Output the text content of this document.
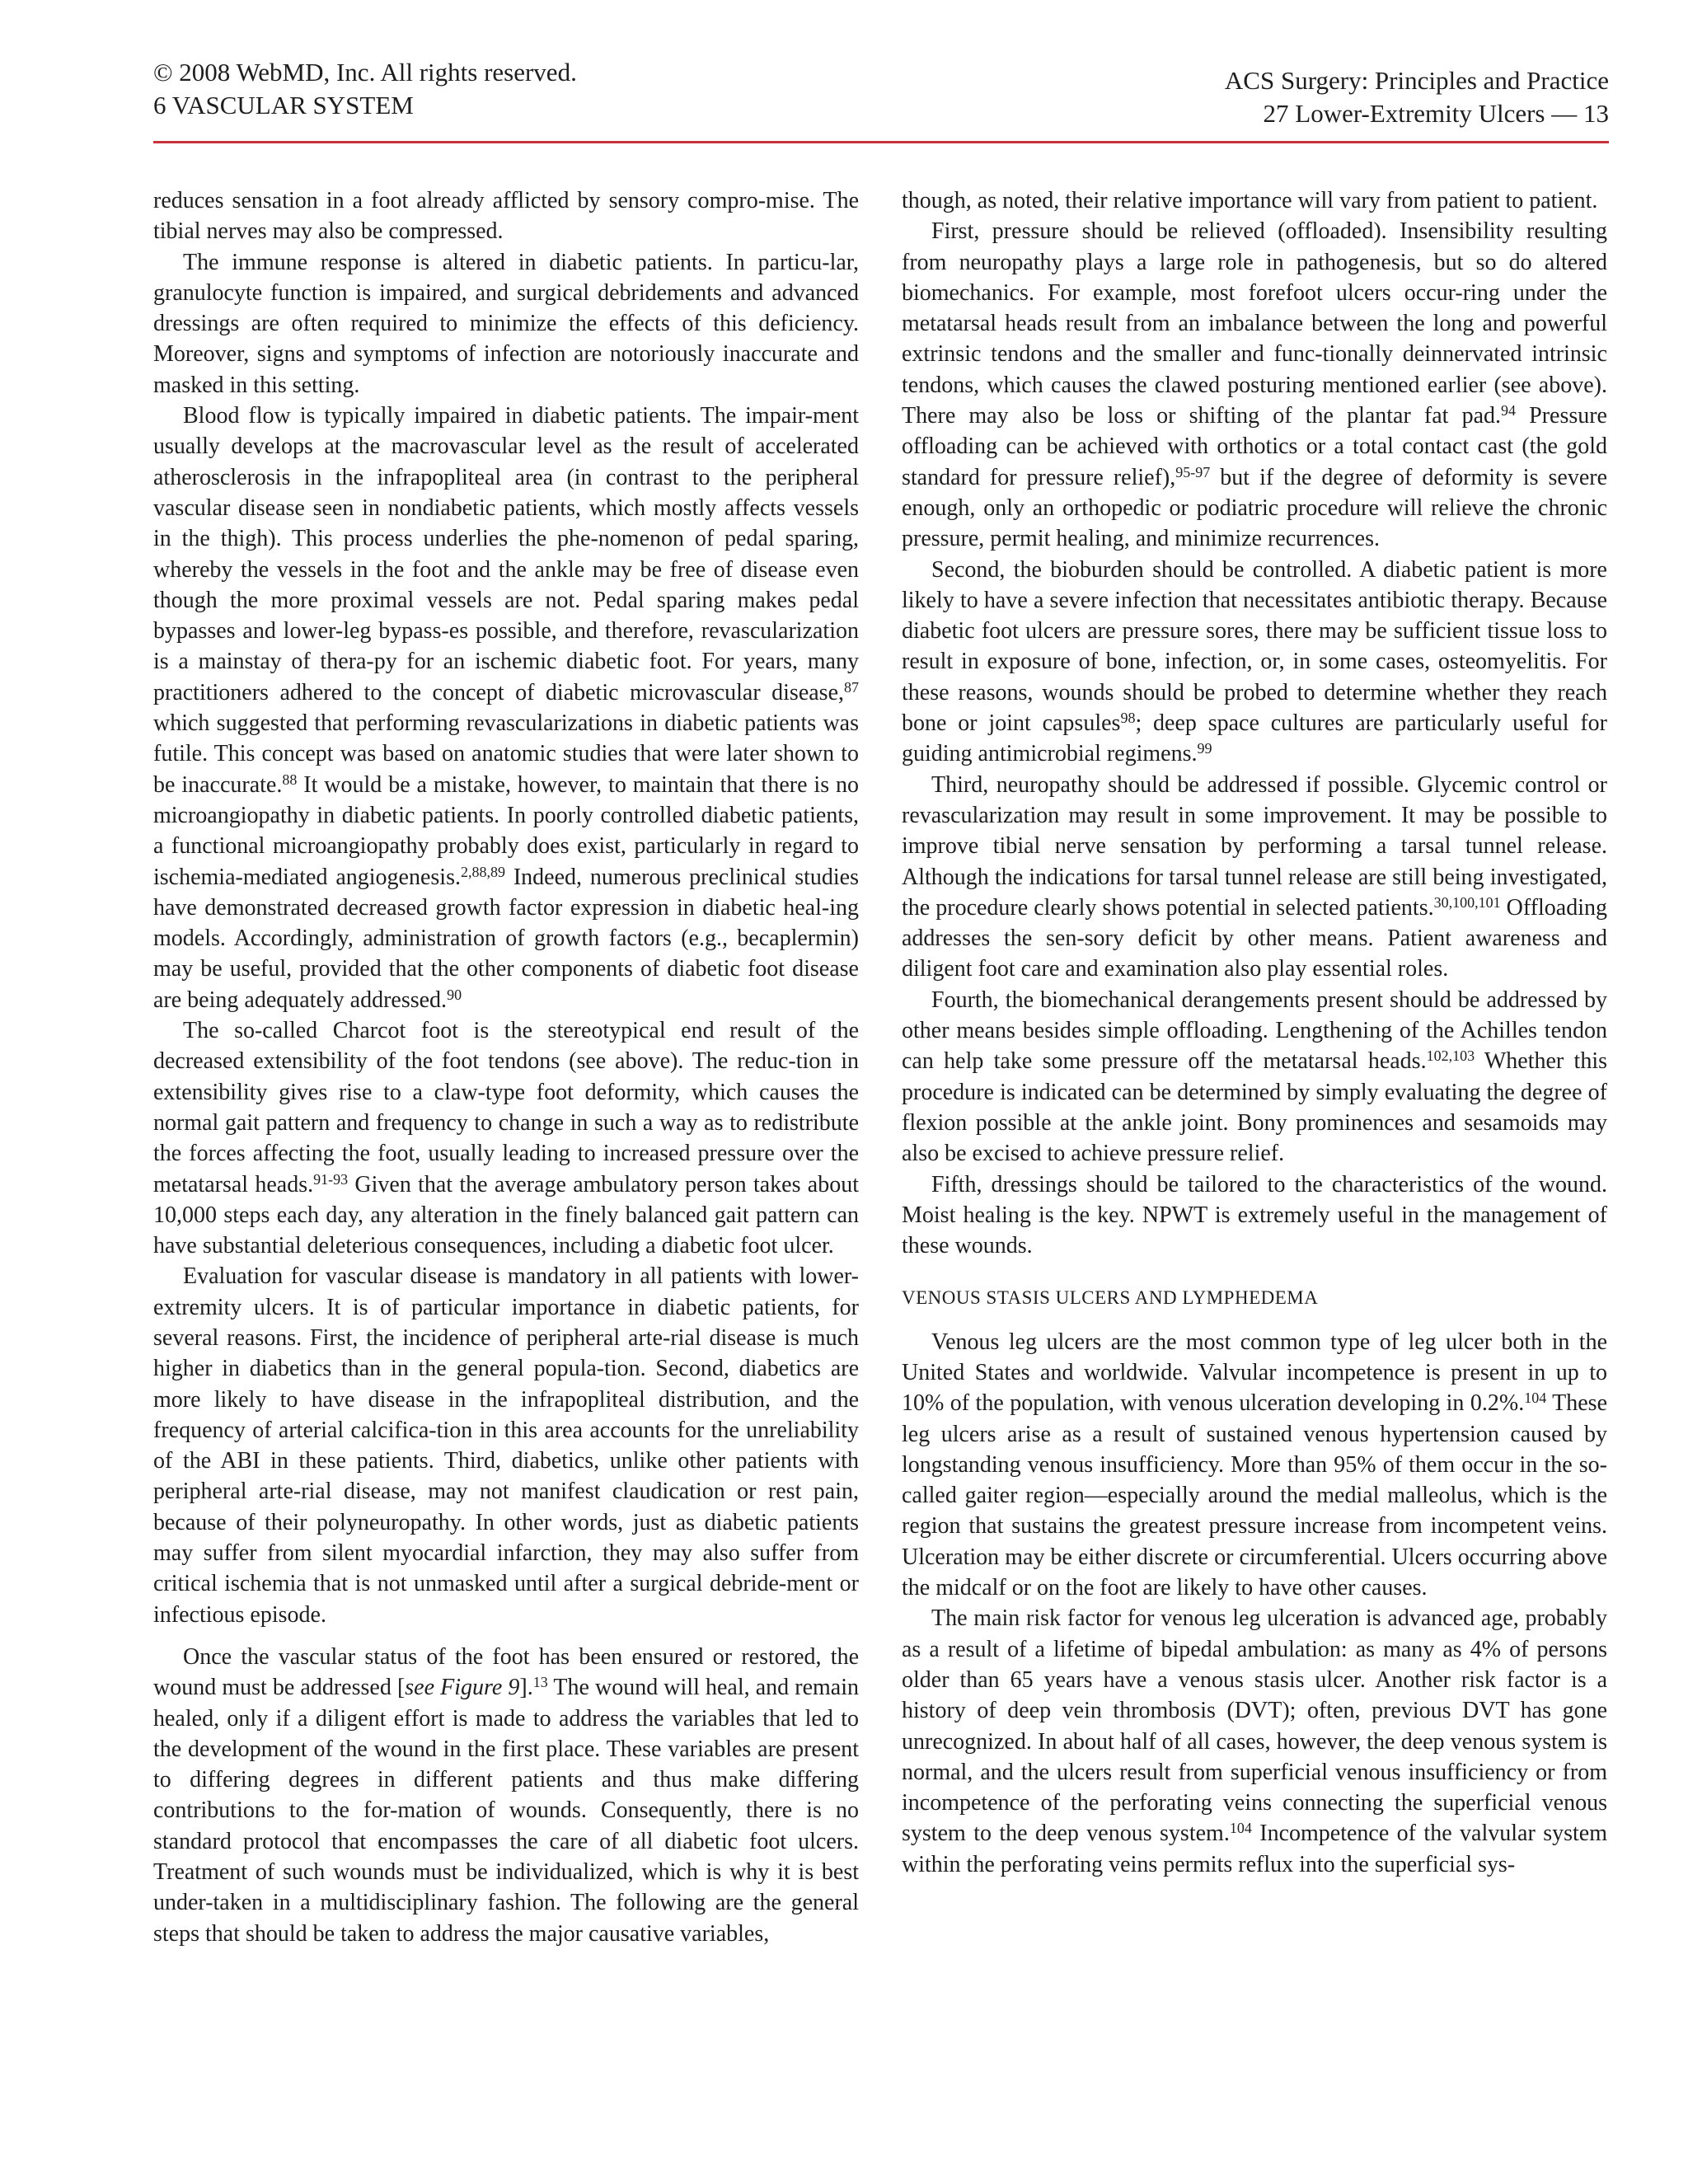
© 2008 WebMD, Inc. All rights reserved.
6 VASCULAR SYSTEM
ACS Surgery: Principles and Practice
27 Lower-Extremity Ulcers — 13

reduces sensation in a foot already afflicted by sensory compro-mise. The tibial nerves may also be compressed.

The immune response is altered in diabetic patients. In particu-lar, granulocyte function is impaired, and surgical debridements and advanced dressings are often required to minimize the effects of this deficiency. Moreover, signs and symptoms of infection are notoriously inaccurate and masked in this setting.

Blood flow is typically impaired in diabetic patients. The impair-ment usually develops at the macrovascular level as the result of accelerated atherosclerosis in the infrapopliteal area (in contrast to the peripheral vascular disease seen in nondiabetic patients, which mostly affects vessels in the thigh). This process underlies the phe-nomenon of pedal sparing, whereby the vessels in the foot and the ankle may be free of disease even though the more proximal vessels are not. Pedal sparing makes pedal bypasses and lower-leg bypass-es possible, and therefore, revascularization is a mainstay of thera-py for an ischemic diabetic foot. For years, many practitioners adhered to the concept of diabetic microvascular disease,$^{87}$ which suggested that performing revascularizations in diabetic patients was futile. This concept was based on anatomic studies that were later shown to be inaccurate.$^{88}$ It would be a mistake, however, to maintain that there is no microangiopathy in diabetic patients. In poorly controlled diabetic patients, a functional microangiopathy probably does exist, particularly in regard to ischemia-mediated angiogenesis.$^{2,88,89}$ Indeed, numerous preclinical studies have demonstrated decreased growth factor expression in diabetic heal-ing models. Accordingly, administration of growth factors (e.g., becaplermin) may be useful, provided that the other components of diabetic foot disease are being adequately addressed.$^{90}$

The so-called Charcot foot is the stereotypical end result of the decreased extensibility of the foot tendons (see above). The reduc-tion in extensibility gives rise to a claw-type foot deformity, which causes the normal gait pattern and frequency to change in such a way as to redistribute the forces affecting the foot, usually leading to increased pressure over the metatarsal heads.$^{91-93}$ Given that the average ambulatory person takes about 10,000 steps each day, any alteration in the finely balanced gait pattern can have substantial deleterious consequences, including a diabetic foot ulcer.

Evaluation for vascular disease is mandatory in all patients with lower-extremity ulcers. It is of particular importance in diabetic patients, for several reasons. First, the incidence of peripheral arte-rial disease is much higher in diabetics than in the general popula-tion. Second, diabetics are more likely to have disease in the infrapopliteal distribution, and the frequency of arterial calcifica-tion in this area accounts for the unreliability of the ABI in these patients. Third, diabetics, unlike other patients with peripheral arte-rial disease, may not manifest claudication or rest pain, because of their polyneuropathy. In other words, just as diabetic patients may suffer from silent myocardial infarction, they may also suffer from critical ischemia that is not unmasked until after a surgical debride-ment or infectious episode.

Once the vascular status of the foot has been ensured or restored, the wound must be addressed [see Figure 9].$^{13}$ The wound will heal, and remain healed, only if a diligent effort is made to address the variables that led to the development of the wound in the first place. These variables are present to differing degrees in different patients and thus make differing contributions to the for-mation of wounds. Consequently, there is no standard protocol that encompasses the care of all diabetic foot ulcers. Treatment of such wounds must be individualized, which is why it is best under-taken in a multidisciplinary fashion. The following are the general steps that should be taken to address the major causative variables,

though, as noted, their relative importance will vary from patient to patient.

First, pressure should be relieved (offloaded). Insensibility resulting from neuropathy plays a large role in pathogenesis, but so do altered biomechanics. For example, most forefoot ulcers occur-ring under the metatarsal heads result from an imbalance between the long and powerful extrinsic tendons and the smaller and func-tionally deinnervated intrinsic tendons, which causes the clawed posturing mentioned earlier (see above). There may also be loss or shifting of the plantar fat pad.$^{94}$ Pressure offloading can be achieved with orthotics or a total contact cast (the gold standard for pressure relief),$^{95-97}$ but if the degree of deformity is severe enough, only an orthopedic or podiatric procedure will relieve the chronic pressure, permit healing, and minimize recurrences.

Second, the bioburden should be controlled. A diabetic patient is more likely to have a severe infection that necessitates antibiotic therapy. Because diabetic foot ulcers are pressure sores, there may be sufficient tissue loss to result in exposure of bone, infection, or, in some cases, osteomyelitis. For these reasons, wounds should be probed to determine whether they reach bone or joint capsules$^{98}$; deep space cultures are particularly useful for guiding antimicrobial regimens.$^{99}$

Third, neuropathy should be addressed if possible. Glycemic control or revascularization may result in some improvement. It may be possible to improve tibial nerve sensation by performing a tarsal tunnel release. Although the indications for tarsal tunnel release are still being investigated, the procedure clearly shows potential in selected patients.$^{30,100,101}$ Offloading addresses the sen-sory deficit by other means. Patient awareness and diligent foot care and examination also play essential roles.

Fourth, the biomechanical derangements present should be addressed by other means besides simple offloading. Lengthening of the Achilles tendon can help take some pressure off the metatarsal heads.$^{102,103}$ Whether this procedure is indicated can be determined by simply evaluating the degree of flexion possible at the ankle joint. Bony prominences and sesamoids may also be excised to achieve pressure relief.

Fifth, dressings should be tailored to the characteristics of the wound. Moist healing is the key. NPWT is extremely useful in the management of these wounds.

VENOUS STASIS ULCERS AND LYMPHEDEMA

Venous leg ulcers are the most common type of leg ulcer both in the United States and worldwide. Valvular incompetence is present in up to 10% of the population, with venous ulceration developing in 0.2%.$^{104}$ These leg ulcers arise as a result of sustained venous hypertension caused by longstanding venous insufficiency. More than 95% of them occur in the so-called gaiter region—especially around the medial malleolus, which is the region that sustains the greatest pressure increase from incompetent veins. Ulceration may be either discrete or circumferential. Ulcers occurring above the midcalf or on the foot are likely to have other causes.

The main risk factor for venous leg ulceration is advanced age, probably as a result of a lifetime of bipedal ambulation: as many as 4% of persons older than 65 years have a venous stasis ulcer. Another risk factor is a history of deep vein thrombosis (DVT); often, previous DVT has gone unrecognized. In about half of all cases, however, the deep venous system is normal, and the ulcers result from superficial venous insufficiency or from incompetence of the perforating veins connecting the superficial venous system to the deep venous system.$^{104}$ Incompetence of the valvular system within the perforating veins permits reflux into the superficial sys-
